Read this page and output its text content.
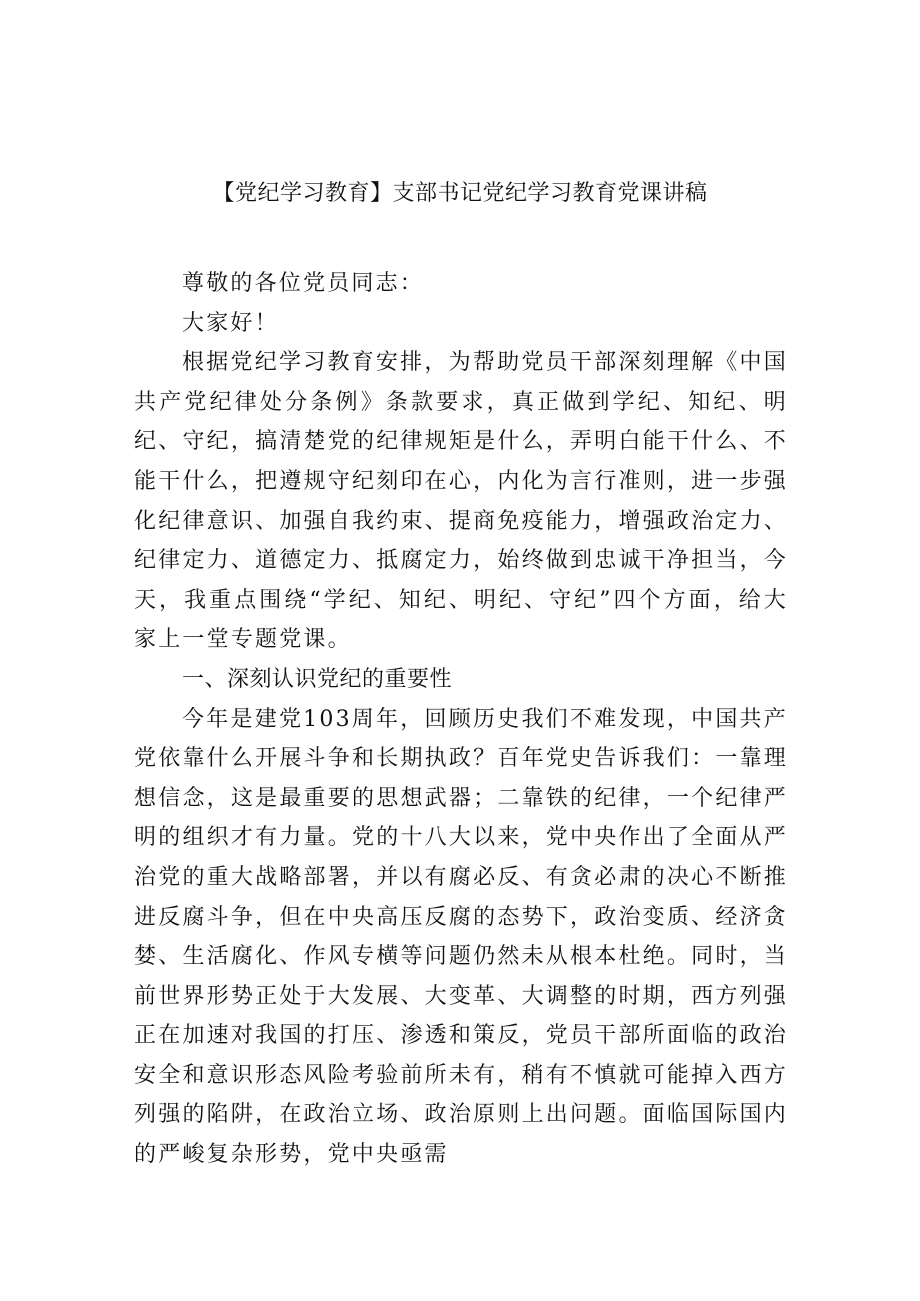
【党纪学习教育】支部书记党纪学习教育党课讲稿

尊敬的各位党员同志：

大家好！

根据党纪学习教育安排，为帮助党员干部深刻理解《中国共产党纪律处分条例》条款要求，真正做到学纪、知纪、明纪、守纪，搞清楚党的纪律规矩是什么，弄明白能干什么、不能干什么，把遵规守纪刻印在心，内化为言行准则，进一步强化纪律意识、加强自我约束、提商免疫能力，增强政治定力、纪律定力、道德定力、抵腐定力，始终做到忠诚干净担当，今天，我重点围绕“学纪、知纪、明纪、守纪”四个方面，给大家上一堂专题党课。

一、深刻认识党纪的重要性

今年是建党103周年，回顾历史我们不难发现，中国共产党依靠什么开展斗争和长期执政？百年党史告诉我们：一靠理想信念，这是最重要的思想武器；二靠铁的纪律，一个纪律严明的组织才有力量。党的十八大以来，党中央作出了全面从严治党的重大战略部署，并以有腐必反、有贪必肃的决心不断推进反腐斗争，但在中央高压反腐的态势下，政治变质、经济贪婪、生活腐化、作风专横等问题仍然未从根本杜绝。同时，当前世界形势正处于大发展、大变革、大调整的时期，西方列强正在加速对我国的打压、渗透和策反，党员干部所面临的政治安全和意识形态风险考验前所未有，稍有不慎就可能掉入西方列强的陷阱，在政治立场、政治原则上出问题。面临国际国内的严峻复杂形势，党中央亟需
